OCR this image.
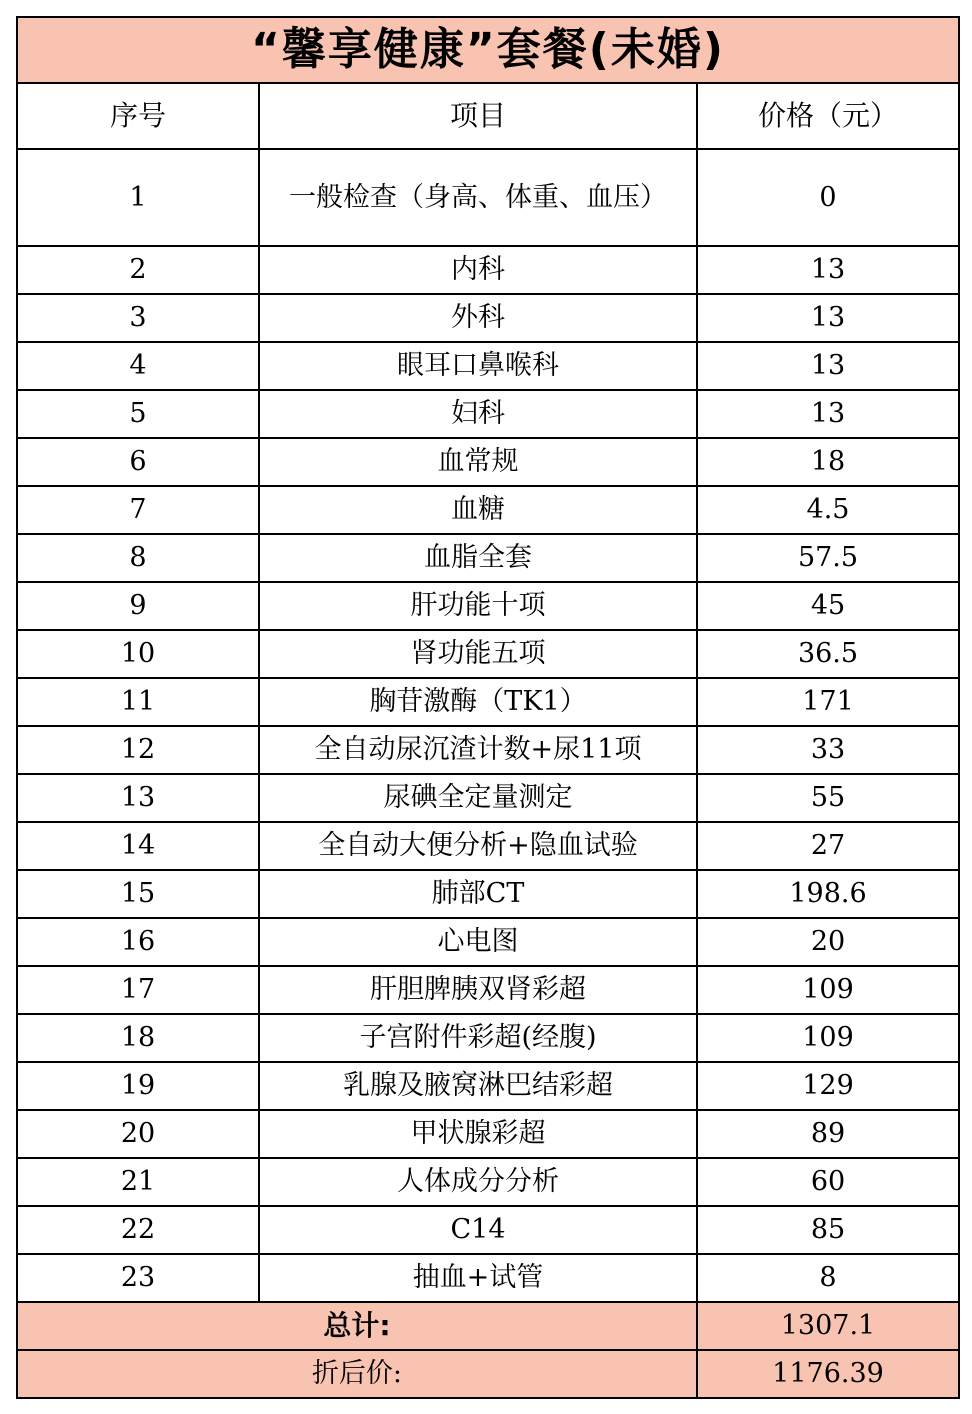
“馨享健康”套餐(未婚)		
序号	项目	价格（元）
1	一般检查（身高、体重、血压）	0
2	内科	13
3	外科	13
4	眼耳口鼻喉科	13
5	妇科	13
6	血常规	18
7	血糖	4.5
8	血脂全套	57.5
9	肝功能十项	45
10	肾功能五项	36.5
11	胸苷激酶（TK1）	171
12	全自动尿沉渣计数+尿11项	33
13	尿碘全定量测定	55
14	全自动大便分析+隐血试验	27
15	肺部CT	198.6
16	心电图	20
17	肝胆脾胰双肾彩超	109
18	子宫附件彩超(经腹)	109
19	乳腺及腋窝淋巴结彩超	129
20	甲状腺彩超	89
21	人体成分分析	60
22	C14	85
23	抽血+试管	8
总计:		1307.1
折后价:		1176.39
